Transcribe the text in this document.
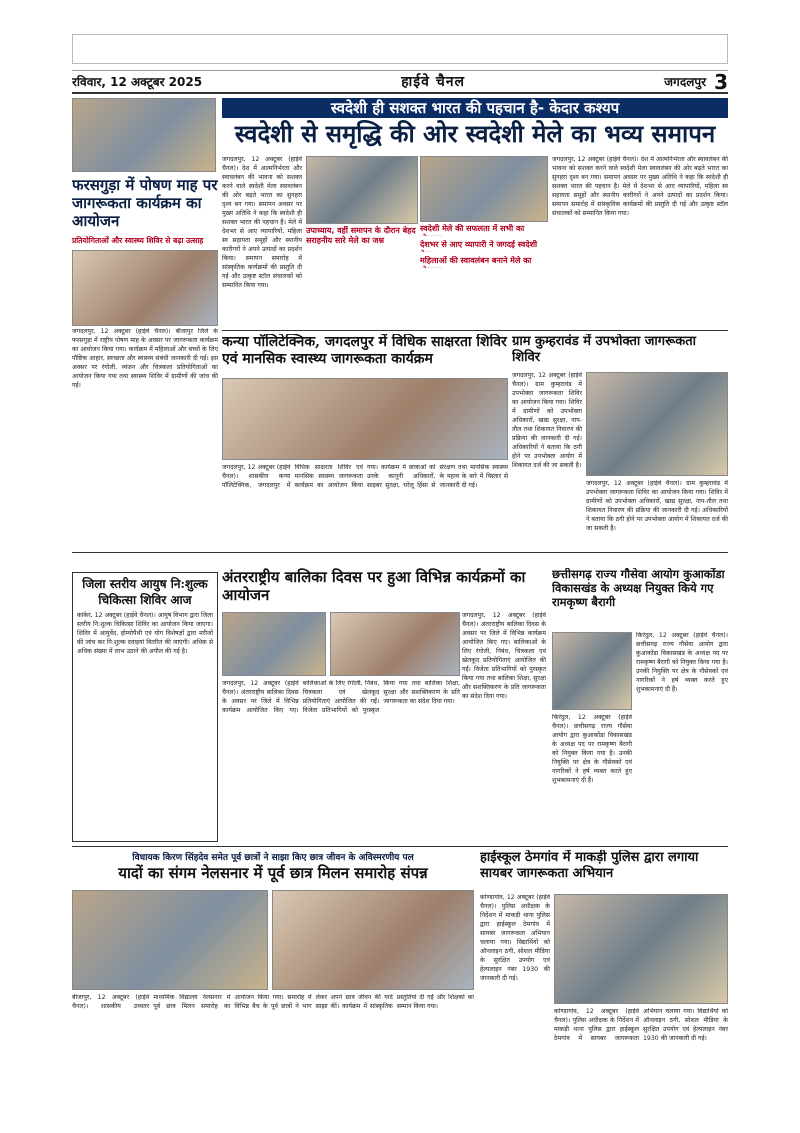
रविवार, 12 अक्टूबर 2025	हाईवे चैनल	जगदलपुर 3
स्वदेशी ही सशक्त भारत की पहचान है- केदार कश्यप
स्वदेशी से समृद्धि की ओर स्वदेशी मेले का भव्य समापन
फरसगुड़ा में पोषण माह पर जागरूकता कार्यक्रम का आयोजन
प्रतियोगिताओं और स्वास्थ्य शिविर से बढ़ा उत्साह
जगदलपुर, 12 अक्टूबर (हाईवे चैनल)। बीजापुर जिले के फरसगुड़ा में राष्ट्रीय पोषण माह के अवसर पर जागरूकता कार्यक्रम का आयोजन किया गया। कार्यक्रम में महिलाओं और बच्चों के लिए पौष्टिक आहार, स्वच्छता और स्वास्थ्य संबंधी जानकारी दी गई। इस अवसर पर रंगोली, व्यंजन और चित्रकला प्रतियोगिताओं का आयोजन किया गया तथा स्वास्थ्य शिविर में ग्रामीणों की जांच की गई।
जगदलपुर, 12 अक्टूबर (हाईवे चैनल)। देश में आत्मनिर्भरता और स्वावलंबन की भावना को सशक्त करने वाले स्वदेशी मेला स्वावलंबन की ओर बढ़ते भारत का सुनहरा दृश्य बन गया। समापन अवसर पर मुख्य अतिथि ने कहा कि स्वदेशी ही सशक्त भारत की पहचान है। मेले में देशभर से आए व्यापारियों, महिला स्व सहायता समूहों और स्थानीय कारीगरों ने अपने उत्पादों का प्रदर्शन किया। समापन समारोह में सांस्कृतिक कार्यक्रमों की प्रस्तुति दी गई और उत्कृष्ट स्टॉल संचालकों को सम्मानित किया गया।
उपाध्याय, वहीं समापन के दौरान बेहद सराहनीय सारे मेले का जश्न
स्वदेशी मेले की सफलता में सभी का
देशभर से आए व्यापारी ने जगदई स्वदेशी
महिलाओं की स्वावलंबन बनाने मेले का
जगदलपुर, 12 अक्टूबर (हाईवे चैनल)। देश में आत्मनिर्भरता और स्वावलंबन की भावना को सशक्त करने वाले स्वदेशी मेला स्वावलंबन की ओर बढ़ते भारत का सुनहरा दृश्य बन गया। समापन अवसर पर मुख्य अतिथि ने कहा कि स्वदेशी ही सशक्त भारत की पहचान है। मेले में देशभर से आए व्यापारियों, महिला स्व सहायता समूहों और स्थानीय कारीगरों ने अपने उत्पादों का प्रदर्शन किया। समापन समारोह में सांस्कृतिक कार्यक्रमों की प्रस्तुति दी गई और उत्कृष्ट स्टॉल संचालकों को सम्मानित किया गया।
कन्या पॉलिटेक्निक, जगदलपुर में विधिक साक्षरता शिविर एवं मानसिक स्वास्थ्य जागरूकता कार्यक्रम
जगदलपुर, 12 अक्टूबर (हाईवे चैनल)। शासकीय कन्या पॉलिटेक्निक, जगदलपुर में विधिक साक्षरता शिविर एवं मानसिक स्वास्थ्य जागरूकता कार्यक्रम का आयोजन किया गया। कार्यक्रम में छात्राओं को उनके कानूनी अधिकारों, साइबर सुरक्षा, घरेलू हिंसा से संरक्षण तथा मानसिक स्वास्थ्य के महत्व के बारे में विस्तार से जानकारी दी गई।
ग्राम कुम्हरावंड में उपभोक्ता जागरूकता शिविर
जगदलपुर, 12 अक्टूबर (हाईवे चैनल)। ग्राम कुम्हरावंड में उपभोक्ता जागरूकता शिविर का आयोजन किया गया। शिविर में ग्रामीणों को उपभोक्ता अधिकारों, खाद्य सुरक्षा, नाप-तौल तथा शिकायत निवारण की प्रक्रिया की जानकारी दी गई। अधिकारियों ने बताया कि ठगी होने पर उपभोक्ता आयोग में शिकायत दर्ज की जा सकती है।
जगदलपुर, 12 अक्टूबर (हाईवे चैनल)। ग्राम कुम्हरावंड में उपभोक्ता जागरूकता शिविर का आयोजन किया गया। शिविर में ग्रामीणों को उपभोक्ता अधिकारों, खाद्य सुरक्षा, नाप-तौल तथा शिकायत निवारण की प्रक्रिया की जानकारी दी गई। अधिकारियों ने बताया कि ठगी होने पर उपभोक्ता आयोग में शिकायत दर्ज की जा सकती है।
जिला स्तरीय आयुष नि:शुल्क चिकित्सा शिविर आज
कांकेर, 12 अक्टूबर (हाईवे चैनल)। आयुष विभाग द्वारा जिला स्तरीय नि:शुल्क चिकित्सा शिविर का आयोजन किया जाएगा। शिविर में आयुर्वेद, होम्योपैथी एवं योग विशेषज्ञों द्वारा मरीजों की जांच कर नि:शुल्क दवाइयां वितरित की जाएंगी। अधिक से अधिक संख्या में लाभ उठाने की अपील की गई है।
अंतरराष्ट्रीय बालिका दिवस पर हुआ विभिन्न कार्यक्रमों का आयोजन
जगदलपुर, 12 अक्टूबर (हाईवे चैनल)। अंतरराष्ट्रीय बालिका दिवस के अवसर पर जिले में विभिन्न कार्यक्रम आयोजित किए गए। बालिकाओं के लिए रंगोली, निबंध, चित्रकला एवं खेलकूद प्रतियोगिताएं आयोजित की गईं। विजेता प्रतिभागियों को पुरस्कृत किया गया तथा बालिका शिक्षा, सुरक्षा और सशक्तिकरण के प्रति जागरूकता का संदेश दिया गया।
जगदलपुर, 12 अक्टूबर (हाईवे चैनल)। अंतरराष्ट्रीय बालिका दिवस के अवसर पर जिले में विभिन्न कार्यक्रम आयोजित किए गए। बालिकाओं के लिए रंगोली, निबंध, चित्रकला एवं खेलकूद प्रतियोगिताएं आयोजित की गईं। विजेता प्रतिभागियों को पुरस्कृत किया गया तथा बालिका शिक्षा, सुरक्षा और सशक्तिकरण के प्रति जागरूकता का संदेश दिया गया।
छत्तीसगढ़ राज्य गौसेवा आयोग कुआकोंडा विकासखंड के अध्यक्ष नियुक्त किये गए रामकृष्ण बैरागी
किरंदुल, 12 अक्टूबर (हाईवे चैनल)। छत्तीसगढ़ राज्य गौसेवा आयोग द्वारा कुआकोंडा विकासखंड के अध्यक्ष पद पर रामकृष्ण बैरागी को नियुक्त किया गया है। उनकी नियुक्ति पर क्षेत्र के गौसेवकों एवं नागरिकों ने हर्ष व्यक्त करते हुए शुभकामनाएं दी हैं।
किरंदुल, 12 अक्टूबर (हाईवे चैनल)। छत्तीसगढ़ राज्य गौसेवा आयोग द्वारा कुआकोंडा विकासखंड के अध्यक्ष पद पर रामकृष्ण बैरागी को नियुक्त किया गया है। उनकी नियुक्ति पर क्षेत्र के गौसेवकों एवं नागरिकों ने हर्ष व्यक्त करते हुए शुभकामनाएं दी हैं।
विधायक किरण सिंहदेव समेत पूर्व छात्रों ने साझा किए छात्र जीवन के अविस्मरणीय पल
यादों का संगम नेलसनार में पूर्व छात्र मिलन समारोह संपन्न
बीजापुर, 12 अक्टूबर (हाईवे चैनल)। शासकीय उच्चतर माध्यमिक विद्यालय नेलसनार में पूर्व छात्र मिलन समारोह का आयोजन किया गया। समारोह में विभिन्न बैच के पूर्व छात्रों ने भाग लेकर अपने छात्र जीवन की यादें साझा कीं। कार्यक्रम में सांस्कृतिक प्रस्तुतियां दी गईं और शिक्षकों का सम्मान किया गया।
हाईस्कूल ठेमगांव में माकड़ी पुलिस द्वारा लगाया सायबर जागरूकता अभियान
कोण्डागांव, 12 अक्टूबर (हाईवे चैनल)। पुलिस अधीक्षक के निर्देशन में माकड़ी थाना पुलिस द्वारा हाईस्कूल ठेमगांव में सायबर जागरूकता अभियान चलाया गया। विद्यार्थियों को ऑनलाइन ठगी, सोशल मीडिया के सुरक्षित उपयोग एवं हेल्पलाइन नंबर 1930 की जानकारी दी गई।
कोण्डागांव, 12 अक्टूबर (हाईवे चैनल)। पुलिस अधीक्षक के निर्देशन में माकड़ी थाना पुलिस द्वारा हाईस्कूल ठेमगांव में सायबर जागरूकता अभियान चलाया गया। विद्यार्थियों को ऑनलाइन ठगी, सोशल मीडिया के सुरक्षित उपयोग एवं हेल्पलाइन नंबर 1930 की जानकारी दी गई।
